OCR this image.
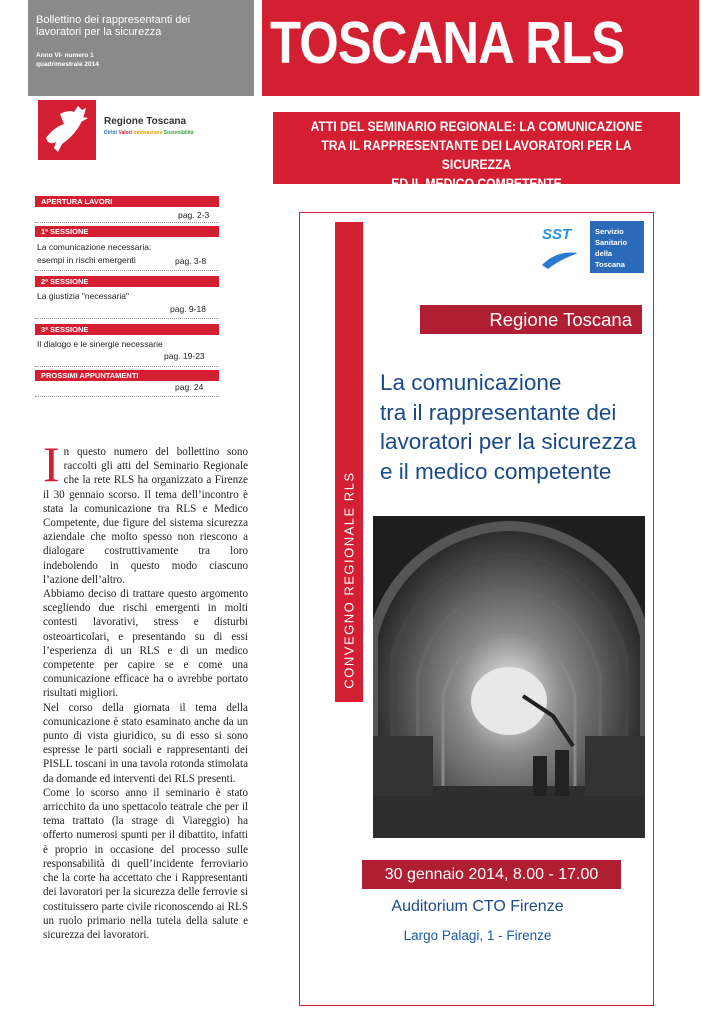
Bollettino dei rappresentanti dei
lavoratori per la sicurezza
Anno VI- numero 1
quadrimestrale 2014	TOSCANA RLS
Regione Toscana
Diritti Valori Innovazione Sostenibilità	ATTI DEL SEMINARIO REGIONALE: LA COMUNICAZIONE
TRA IL RAPPRESENTANTE DEI LAVORATORI PER LA SICUREZZA
ED IL MEDICO COMPETENTE
APERTURA LAVORI
pag. 2-3
1ª SESSIONE
La comunicazione necessaria:
esempi in rischi emergenti	pag. 3-8
2ª SESSIONE
La giustizia "necessaria"
pag. 9-18
3ª SESSIONE
Il dialogo e le sinergie necessarie
pag. 19-23
PROSSIMI APPUNTAMENTI
pag. 24

In questo numero del bollettino sono raccolti gli atti del Seminario Regionale che la rete RLS ha organizzato a Firenze il 30 gennaio scorso. Il tema dell’incontro è stata la comunicazione tra RLS e Medico Competente, due figure del sistema sicurezza aziendale che molto spesso non riescono a dialogare costruttivamente tra loro indebolendo in questo modo ciascuno l’azione dell’altro.

Abbiamo deciso di trattare questo argomento scegliendo due rischi emergenti in molti contesti lavorativi, stress e disturbi osteoarticolari, e presentando su di essi l’esperienza di un RLS e di un medico competente per capire se e come una comunicazione efficace ha o avrebbe portato risultati migliori.

Nel corso della giornata il tema della comunicazione è stato esaminato anche da un punto di vista giuridico, su di esso si sono espresse le parti sociali e rappresentanti dei PISLL toscani in una tavola rotonda stimolata da domande ed interventi dei RLS presenti.

Come lo scorso anno il seminario è stato arricchito da uno spettacolo teatrale che per il tema trattato (la strage di Viareggio) ha offerto numerosi spunti per il dibattito, infatti è proprio in occasione del processo sulle responsabilità di quell’incidente ferroviario che la corte ha accettato che i Rappresentanti dei lavoratori per la sicurezza delle ferrovie si costituissero parte civile riconoscendo ai RLS un ruolo primario nella tutela della salute e sicurezza dei lavoratori.

CONVEGNO REGIONALE RLS
SST	Servizio
Sanitario
della
Toscana
Regione Toscana
La comunicazione
tra il rappresentante dei
lavoratori per la sicurezza
e il medico competente
30 gennaio 2014, 8.00 - 17.00
Auditorium CTO Firenze
Largo Palagi, 1 - Firenze
